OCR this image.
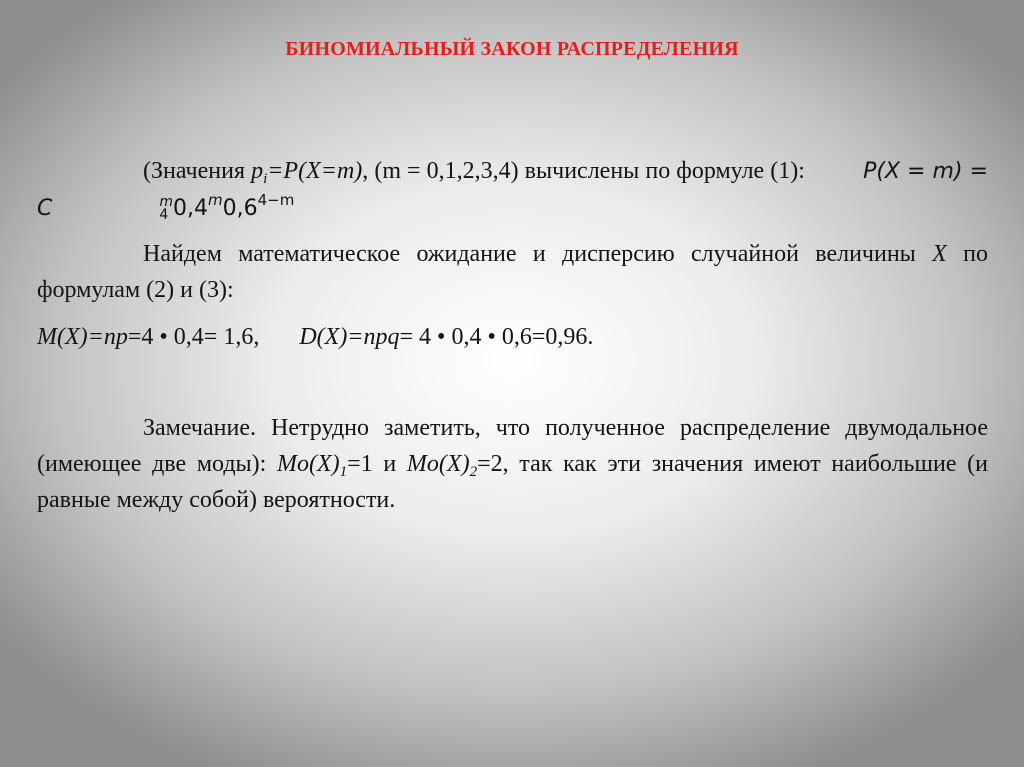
БИНОМИАЛЬНЫЙ ЗАКОН РАСПРЕДЕЛЕНИЯ
(Значения $p_i=P(X=m)$, (m = 0,1,2,3,4) вычислены по формуле (1):	P(X = m) = C	m
4 $0,4^m0,6^{4-m}$
Найдем математическое ожидание и дисперсию случайной величины X по формулам (2) и (3):
M(X)=np=4 • 0,4= 1,6, D(X)=npq= 4 • 0,4 • 0,6=0,96.
Замечание. Нетрудно заметить, что полученное распределение двумодальное (имеющее две моды): $Mo(X)_1=1$ и $Mo(X)_2=2$, так как эти значения имеют наибольшие (и равные между собой) вероятности.
